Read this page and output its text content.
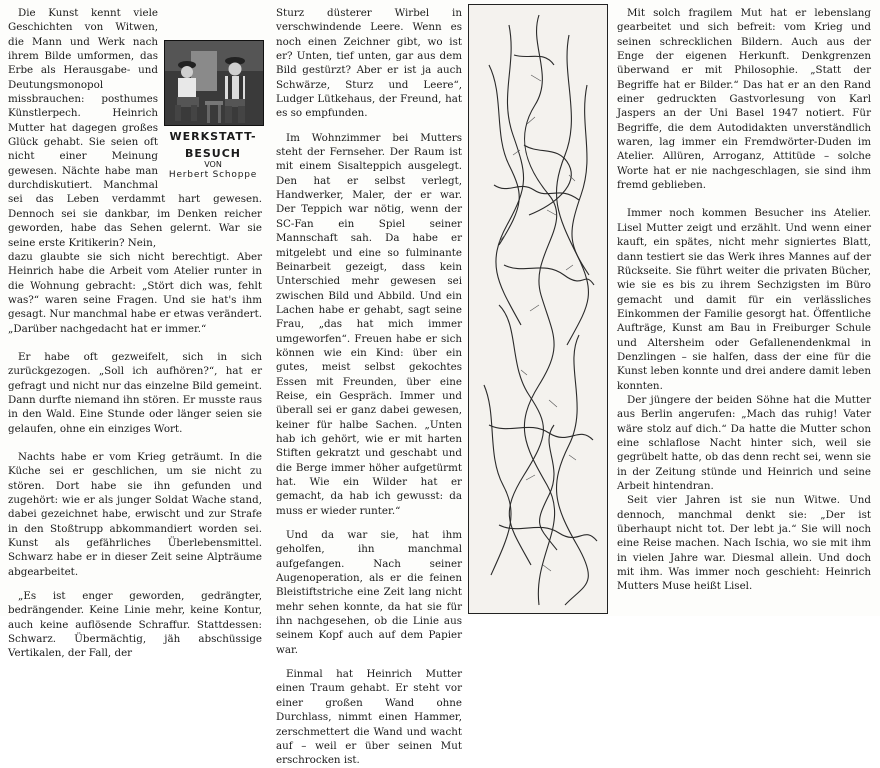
WERKSTATT-
BESUCH
VON
Herbert Schoppe

Die Kunst kennt viele Geschichten von Witwen, die Mann und Werk nach ihrem Bilde umformen, das Erbe als Herausgabe- und Deutungsmonopol missbrauchen: posthumes Künstlerpech. Heinrich Mutter hat dagegen großes Glück gehabt. Sie seien oft nicht einer Meinung gewesen. Nächte habe man durchdiskutiert. Manchmal sei das Leben verdammt hart gewesen. Dennoch sei sie dankbar, im Denken reicher geworden, habe das Sehen gelernt. War sie seine erste Kritikerin? Nein,

dazu glaubte sie sich nicht berechtigt. Aber Heinrich habe die Arbeit vom Atelier runter in die Wohnung gebracht: „Stört dich was, fehlt was?“ waren seine Fragen. Und sie hat's ihm gesagt. Nur manchmal habe er etwas verändert. „Darüber nachgedacht hat er immer.“

Er habe oft gezweifelt, sich in sich zurückgezogen. „Soll ich aufhören?“, hat er gefragt und nicht nur das einzelne Bild gemeint. Dann durfte niemand ihn stören. Er musste raus in den Wald. Eine Stunde oder länger seien sie gelaufen, ohne ein einziges Wort.

Nachts habe er vom Krieg geträumt. In die Küche sei er geschlichen, um sie nicht zu stören. Dort habe sie ihn gefunden und zugehört: wie er als junger Soldat Wache stand, dabei gezeichnet habe, erwischt und zur Strafe in den Stoßtrupp abkommandiert worden sei. Kunst als gefährliches Überlebensmittel. Schwarz habe er in dieser Zeit seine Alpträume abgearbeitet.

„Es ist enger geworden, gedrängter, bedrängender. Keine Linie mehr, keine Kontur, auch keine auflösende Schraffur. Stattdessen: Schwarz. Übermächtig, jäh abschüssige Vertikalen, der Fall, der

Sturz düsterer Wirbel in verschwindende Leere. Wenn es noch einen Zeichner gibt, wo ist er? Unten, tief unten, gar aus dem Bild gestürzt? Aber er ist ja auch Schwärze, Sturz und Leere“, Ludger Lütkehaus, der Freund, hat es so empfunden.

Im Wohnzimmer bei Mutters steht der Fernseher. Der Raum ist mit einem Sisalteppich ausgelegt. Den hat er selbst verlegt, Handwerker, Maler, der er war. Der Teppich war nötig, wenn der SC-Fan ein Spiel seiner Mannschaft sah. Da habe er mitgelebt und eine so fulminante Beinarbeit gezeigt, dass kein Unterschied mehr gewesen sei zwischen Bild und Abbild. Und ein Lachen habe er gehabt, sagt seine Frau, „das hat mich immer umgeworfen“. Freuen habe er sich können wie ein Kind: über ein gutes, meist selbst gekochtes Essen mit Freunden, über eine Reise, ein Gespräch. Immer und überall sei er ganz dabei gewesen, keiner für halbe Sachen. „Unten hab ich gehört, wie er mit harten Stiften gekratzt und geschabt und die Berge immer höher aufgetürmt hat. Wie ein Wilder hat er gemacht, da hab ich gewusst: da muss er wieder runter.“

Und da war sie, hat ihm geholfen, ihn manchmal aufgefangen. Nach seiner Augenoperation, als er die feinen Bleistiftstriche eine Zeit lang nicht mehr sehen konnte, da hat sie für ihn nachgesehen, ob die Linie aus seinem Kopf auch auf dem Papier war.

Einmal hat Heinrich Mutter einen Traum gehabt. Er steht vor einer großen Wand ohne Durchlass, nimmt einen Hammer, zerschmettert die Wand und wacht auf – weil er über seinen Mut erschrocken ist.

Mit solch fragilem Mut hat er lebenslang gearbeitet und sich befreit: vom Krieg und seinen schrecklichen Bildern. Auch aus der Enge der eigenen Herkunft. Denkgrenzen überwand er mit Philosophie. „Statt der Begriffe hat er Bilder.“ Das hat er an den Rand einer gedruckten Gastvorlesung von Karl Jaspers an der Uni Basel 1947 notiert. Für Begriffe, die dem Autodidakten unverständlich waren, lag immer ein Fremdwörter-Duden im Atelier. Allüren, Arroganz, Attitüde – solche Worte hat er nie nachgeschlagen, sie sind ihm fremd geblieben.

Immer noch kommen Besucher ins Atelier. Lisel Mutter zeigt und erzählt. Und wenn einer kauft, ein spätes, nicht mehr signiertes Blatt, dann testiert sie das Werk ihres Mannes auf der Rückseite. Sie führt weiter die privaten Bücher, wie sie es bis zu ihrem Sechzigsten im Büro gemacht und damit für ein verlässliches Einkommen der Familie gesorgt hat. Öffentliche Aufträge, Kunst am Bau in Freiburger Schule und Altersheim oder Gefallenendenkmal in Denzlingen – sie halfen, dass der eine für die Kunst leben konnte und drei andere damit leben konnten.

Der jüngere der beiden Söhne hat die Mutter aus Berlin angerufen: „Mach das ruhig! Vater wäre stolz auf dich.“ Da hatte die Mutter schon eine schlaflose Nacht hinter sich, weil sie gegrübelt hatte, ob das denn recht sei, wenn sie in der Zeitung stünde und Heinrich und seine Arbeit hintendran.

Seit vier Jahren ist sie nun Witwe. Und dennoch, manchmal denkt sie: „Der ist überhaupt nicht tot. Der lebt ja.“ Sie will noch eine Reise machen. Nach Ischia, wo sie mit ihm in vielen Jahre war. Diesmal allein. Und doch mit ihm. Was immer noch geschieht: Heinrich Mutters Muse heißt Lisel.
